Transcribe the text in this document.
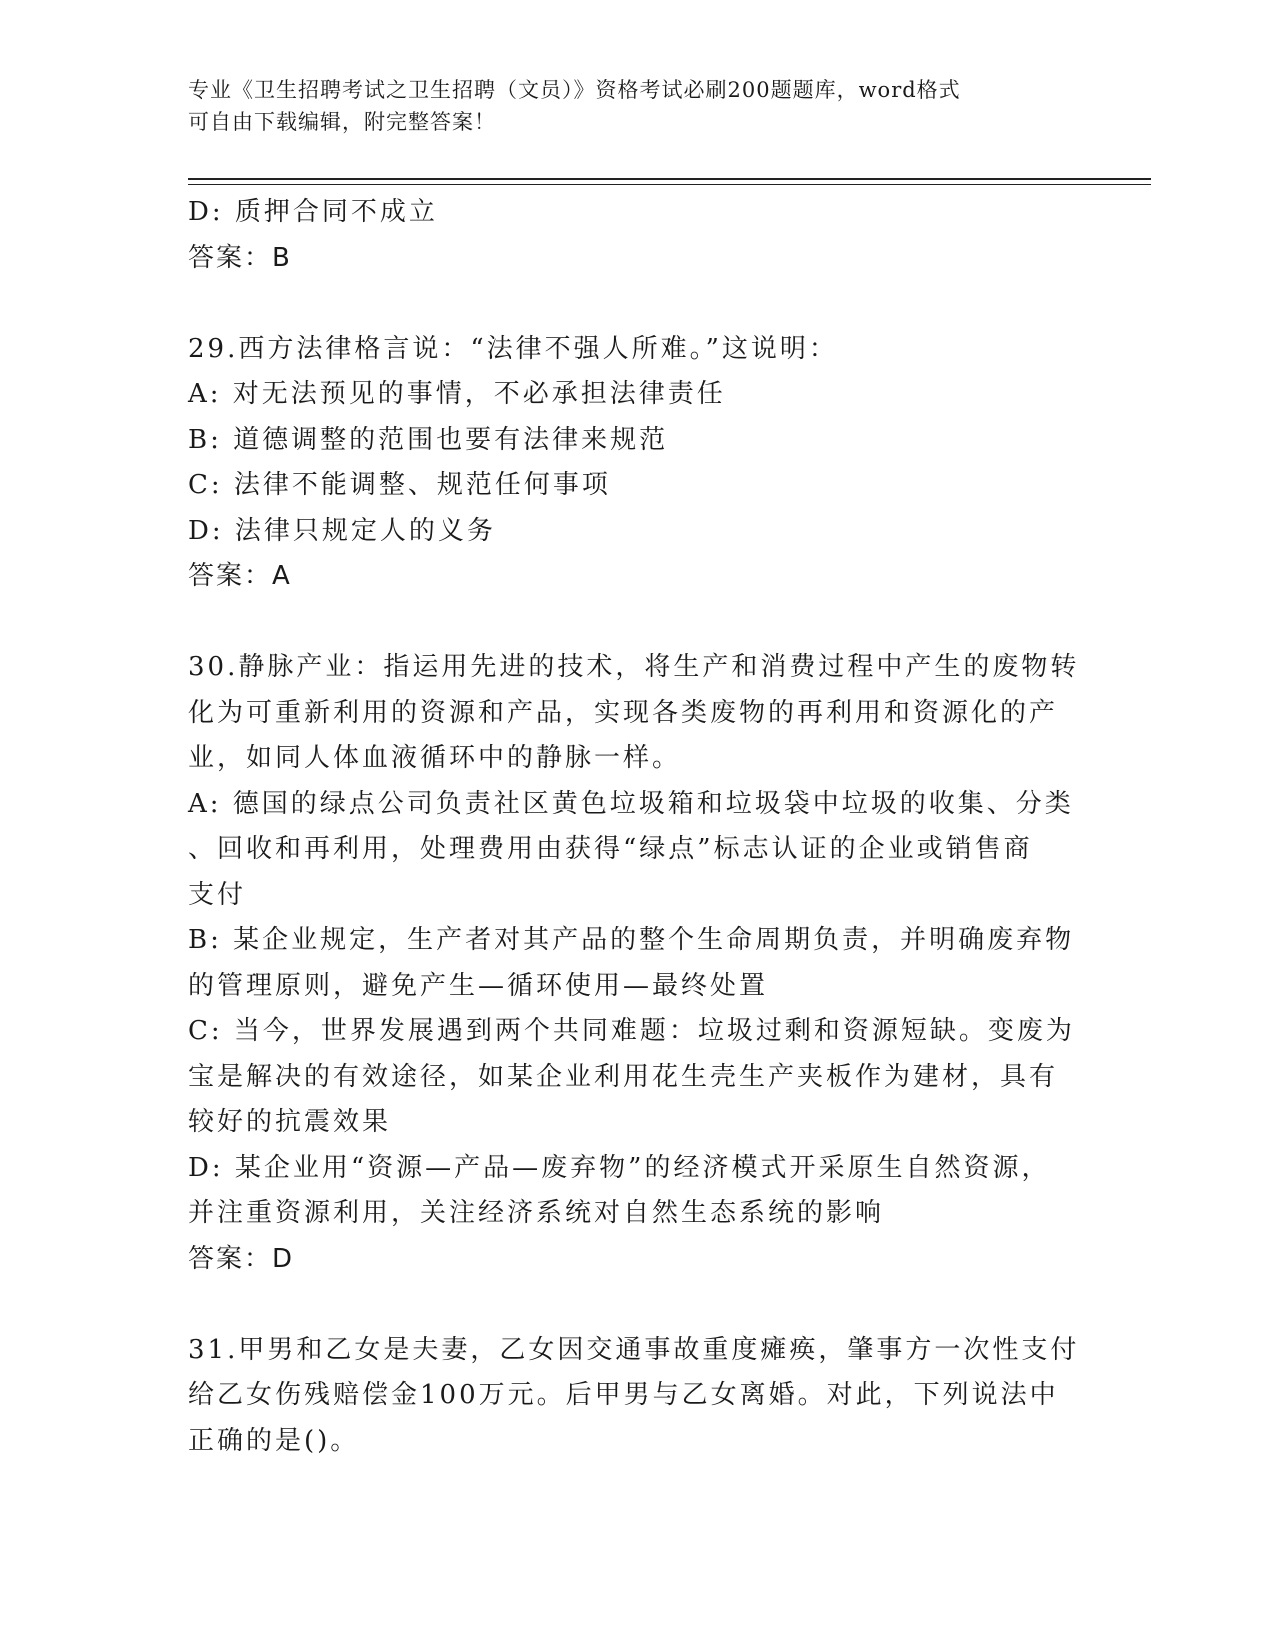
专业《卫生招聘考试之卫生招聘（文员）》资格考试必刷200题题库，word格式
可自由下载编辑，附完整答案！
D: 质押合同不成立
答案：B
29.西方法律格言说：“法律不强人所难。”这说明：
A: 对无法预见的事情，不必承担法律责任
B: 道德调整的范围也要有法律来规范
C: 法律不能调整、规范任何事项
D: 法律只规定人的义务
答案：A
30.静脉产业：指运用先进的技术，将生产和消费过程中产生的废物转
化为可重新利用的资源和产品，实现各类废物的再利用和资源化的产
业，如同人体血液循环中的静脉一样。
A: 德国的绿点公司负责社区黄色垃圾箱和垃圾袋中垃圾的收集、分类
、回收和再利用，处理费用由获得“绿点”标志认证的企业或销售商
支付
B: 某企业规定，生产者对其产品的整个生命周期负责，并明确废弃物
的管理原则，避免产生—循环使用—最终处置
C: 当今，世界发展遇到两个共同难题：垃圾过剩和资源短缺。变废为
宝是解决的有效途径，如某企业利用花生壳生产夹板作为建材，具有
较好的抗震效果
D: 某企业用“资源—产品—废弃物”的经济模式开采原生自然资源，
并注重资源利用，关注经济系统对自然生态系统的影响
答案：D
31.甲男和乙女是夫妻，乙女因交通事故重度瘫痪，肇事方一次性支付
给乙女伤残赔偿金100万元。后甲男与乙女离婚。对此，下列说法中
正确的是()。
